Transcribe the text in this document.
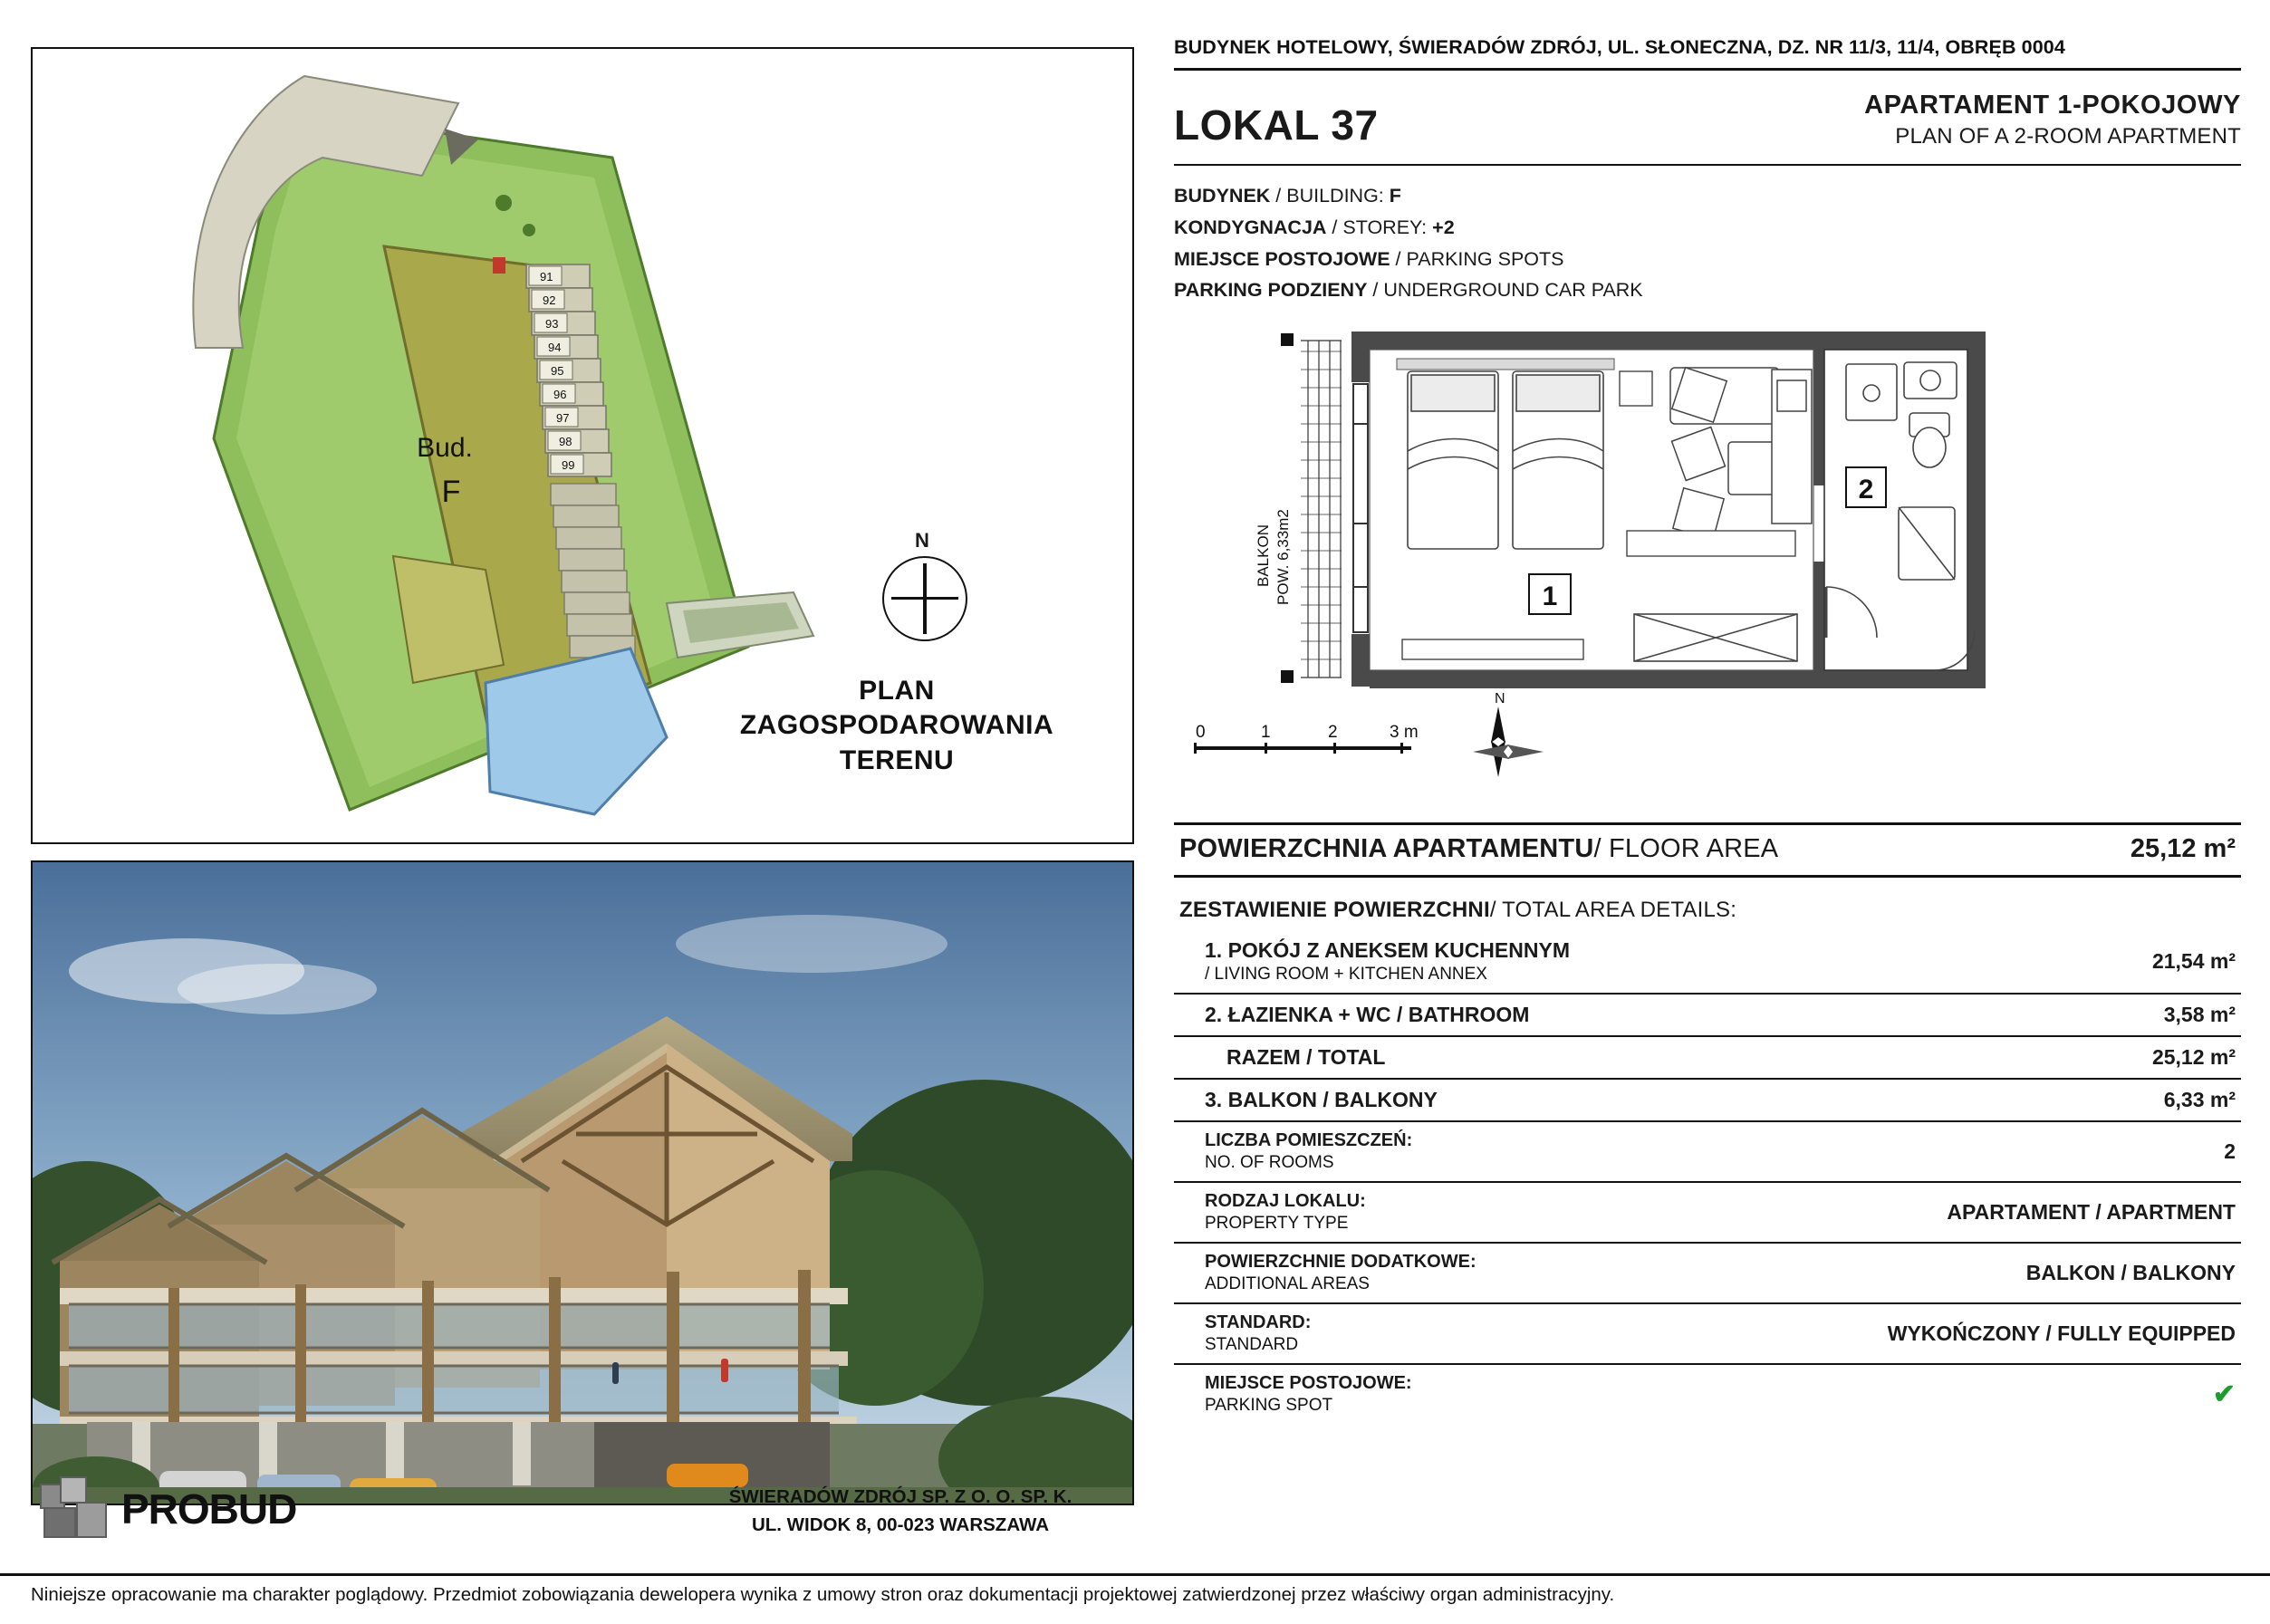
91
92
93
94
95
96
97
98
99
Bud.
F
N
PLAN
ZAGOSPODAROWANIA
TERENU
PROBUD	ŚWIERADÓW ZDRÓJ SP. Z O. O. SP. K.
UL. WIDOK 8, 00-023 WARSZAWA
Niniejsze opracowanie ma charakter poglądowy. Przedmiot zobowiązania dewelopera wynika z umowy stron oraz dokumentacji projektowej zatwierdzonej przez właściwy organ administracyjny.
BUDYNEK HOTELOWY, ŚWIERADÓW ZDRÓJ, UL. SŁONECZNA, DZ. NR 11/3, 11/4, OBRĘB 0004
LOKAL 37	APARTAMENT 1-POKOJOWY
PLAN OF A 2-ROOM APARTMENT
BUDYNEK / BUILDING: F
KONDYGNACJA / STOREY: +2
MIEJSCE POSTOJOWE / PARKING SPOTS
PARKING PODZIENY / UNDERGROUND CAR PARK
BALKON POW. 6,33m2	1
2
0	1	2	3 m
N
POWIERZCHNIA APARTAMENTU/ FLOOR AREA	25,12 m²
ZESTAWIENIE POWIERZCHNI/ TOTAL AREA DETAILS:
1. POKÓJ Z ANEKSEM KUCHENNYM
/ LIVING ROOM + KITCHEN ANNEX	21,54 m²

2. ŁAZIENKA + WC / BATHROOM	3,58 m²

RAZEM / TOTAL	25,12 m²

3. BALKON / BALKONY	6,33 m²

LICZBA POMIESZCZEŃ:
NO. OF ROOMS	2

RODZAJ LOKALU:
PROPERTY TYPE	APARTAMENT / APARTMENT

POWIERZCHNIE DODATKOWE:
ADDITIONAL AREAS	BALKON / BALKONY

STANDARD:
STANDARD	WYKOŃCZONY / FULLY EQUIPPED

MIEJSCE POSTOJOWE:
PARKING SPOT	✔
